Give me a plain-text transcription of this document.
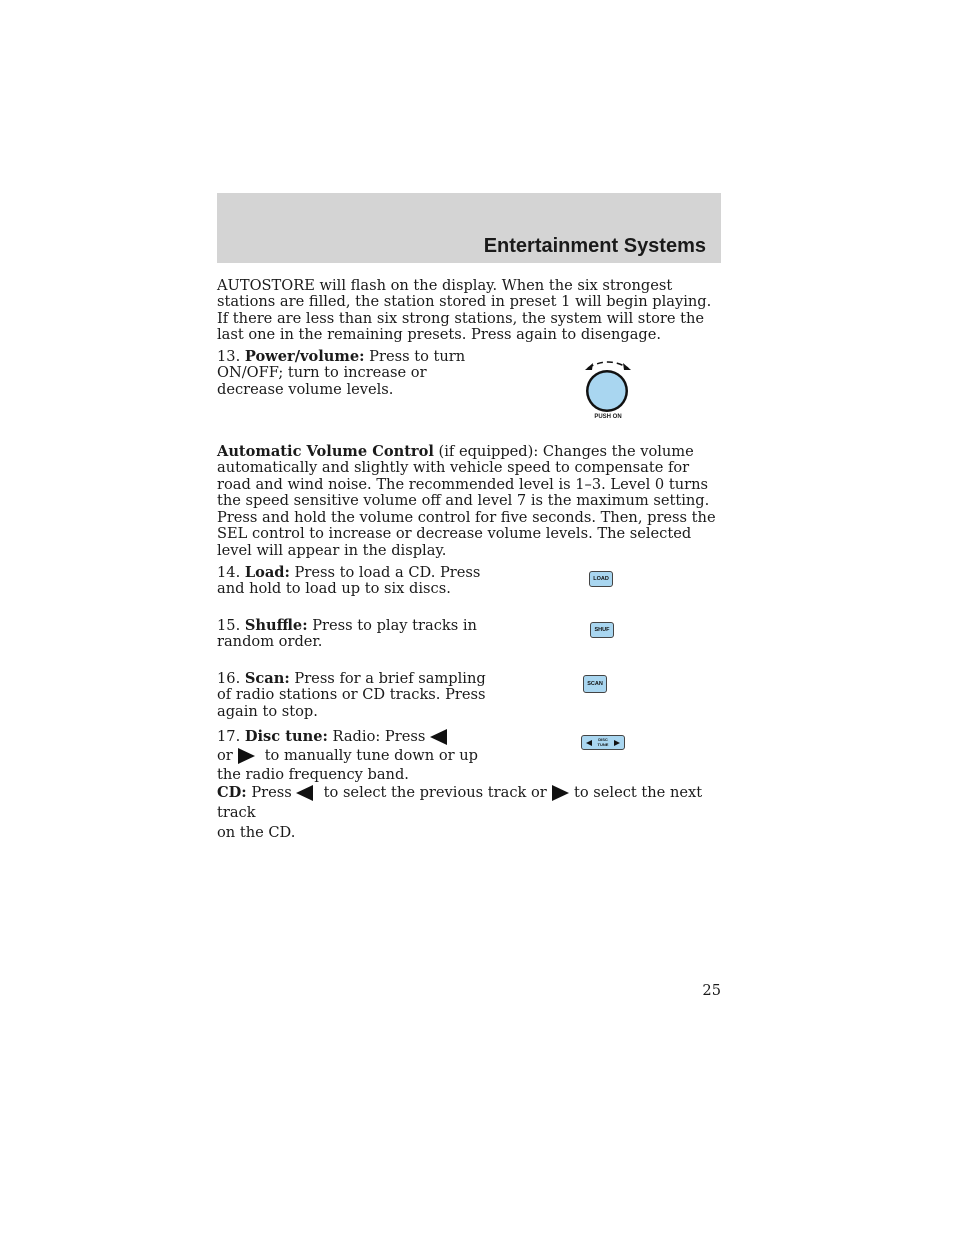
Entertainment Systems

AUTOSTORE will flash on the display. When the six strongest stations are filled, the station stored in preset 1 will begin playing. If there are less than six strong stations, the system will store the last one in the remaining presets. Press again to disengage.

13. Power/volume: Press to turn
ON/OFF; turn to increase or
decrease volume levels.
PUSH ON

Automatic Volume Control (if equipped): Changes the volume automatically and slightly with vehicle speed to compensate for road and wind noise. The recommended level is 1–3. Level 0 turns the speed sensitive volume off and level 7 is the maximum setting.

Press and hold the volume control for five seconds. Then, press the SEL control to increase or decrease volume levels. The selected level will appear in the display.

14. Load: Press to load a CD. Press
and hold to load up to six discs.
LOAD
15. Shuffle: Press to play tracks in
random order.
SHUF
16. Scan: Press for a brief sampling
of radio stations or CD tracks. Press
again to stop.
SCAN
17. Disc tune: Radio: Press
or to manually tune down or up
the radio frequency band.
DISC
TUNE
CD: Press to select the previous track or to select the next track
on the CD.
25
